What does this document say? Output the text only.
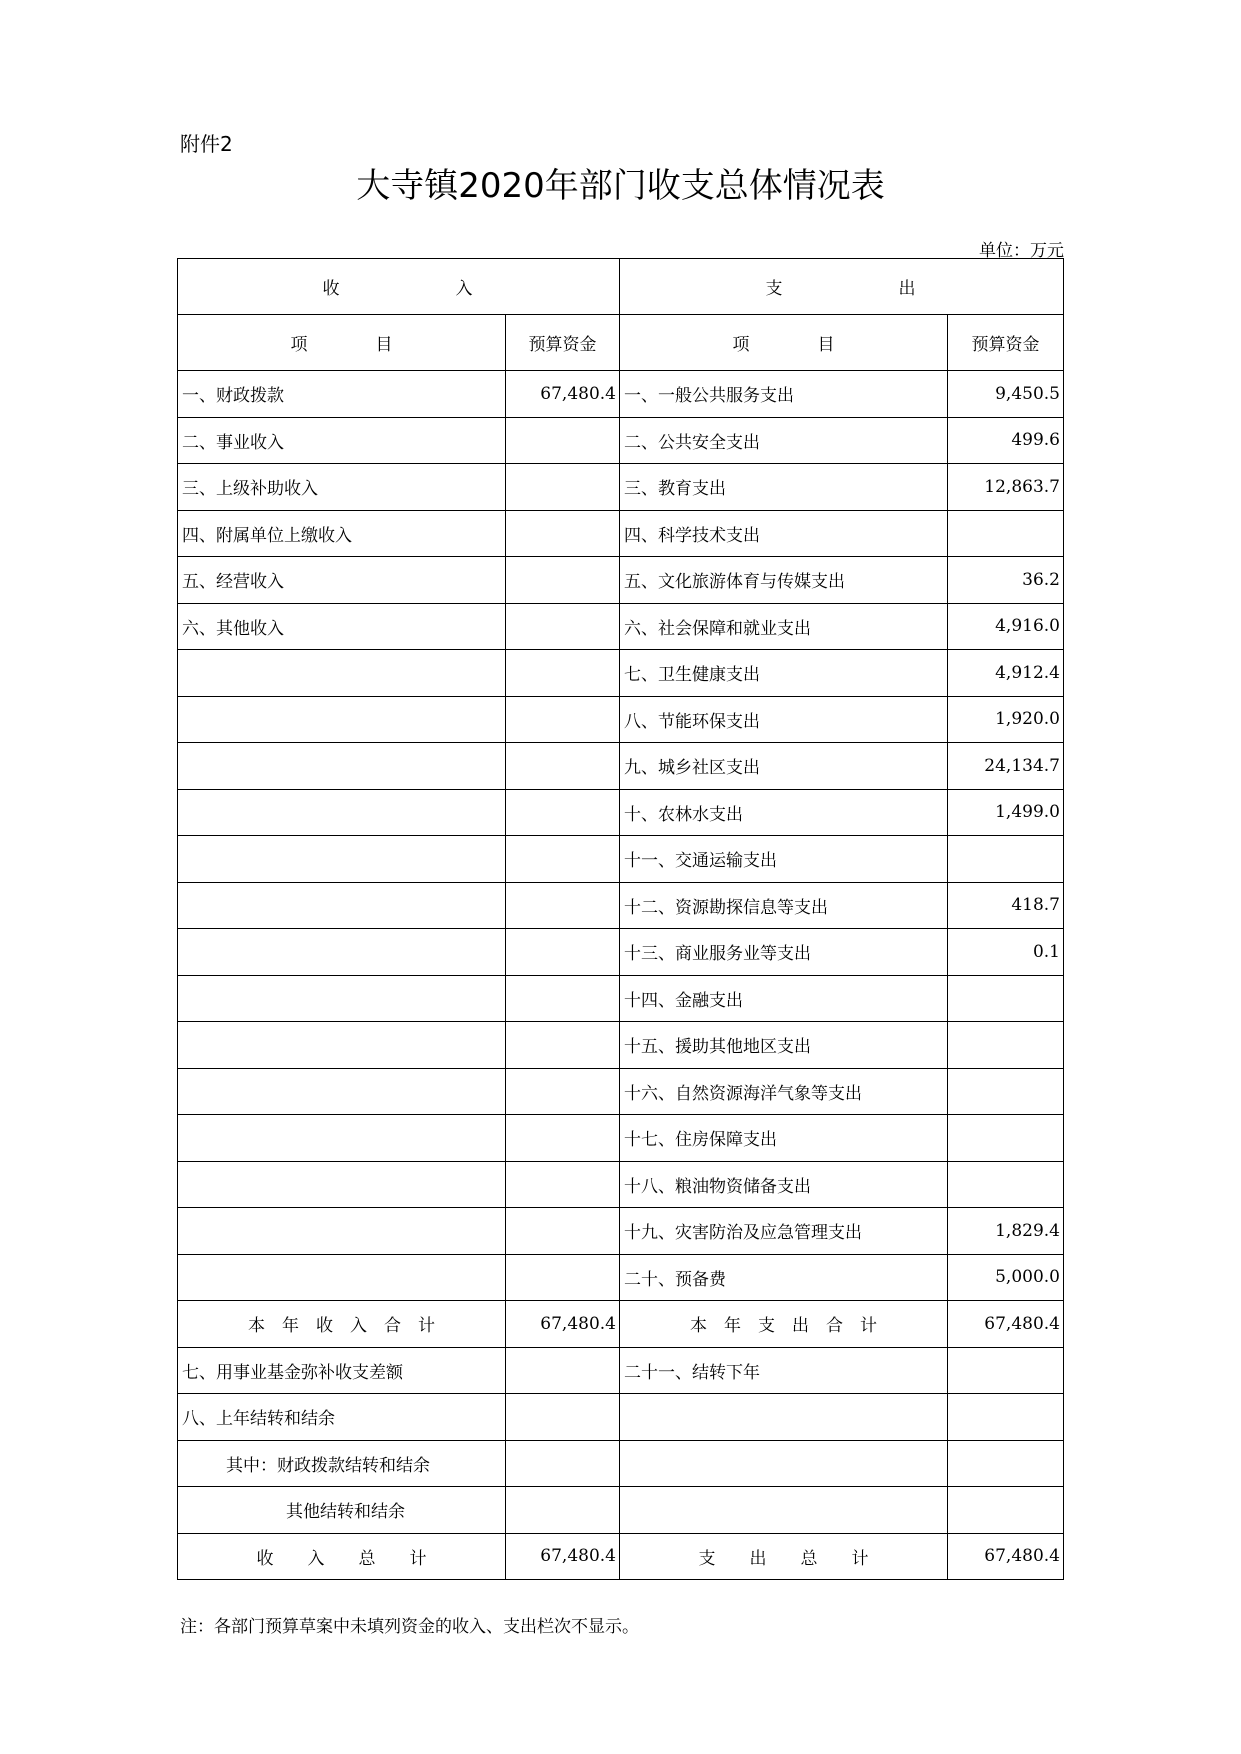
附件2
大寺镇2020年部门收支总体情况表
单位：万元
收　　　　　　入		支　　　　　　出	
项　　　　目	预算资金	项　　　　目	预算资金
一、财政拨款	67,480.4	一、一般公共服务支出	9,450.5
二、事业收入		二、公共安全支出	499.6
三、上级补助收入		三、教育支出	12,863.7
四、附属单位上缴收入		四、科学技术支出	
五、经营收入		五、文化旅游体育与传媒支出	36.2
六、其他收入		六、社会保障和就业支出	4,916.0
		七、卫生健康支出	4,912.4
		八、节能环保支出	1,920.0
		九、城乡社区支出	24,134.7
		十、农林水支出	1,499.0
		十一、交通运输支出	
		十二、资源勘探信息等支出	418.7
		十三、商业服务业等支出	0.1
		十四、金融支出	
		十五、援助其他地区支出	
		十六、自然资源海洋气象等支出	
		十七、住房保障支出	
		十八、粮油物资储备支出	
		十九、灾害防治及应急管理支出	1,829.4
		二十、预备费	5,000.0
本　年　收　入　合　计	67,480.4	本　年　支　出　合　计	67,480.4
七、用事业基金弥补收支差额		二十一、结转下年	
八、上年结转和结余			
其中：财政拨款结转和结余			
其他结转和结余			
收　　入　　总　　计	67,480.4	支　　出　　总　　计	67,480.4
注：各部门预算草案中未填列资金的收入、支出栏次不显示。
